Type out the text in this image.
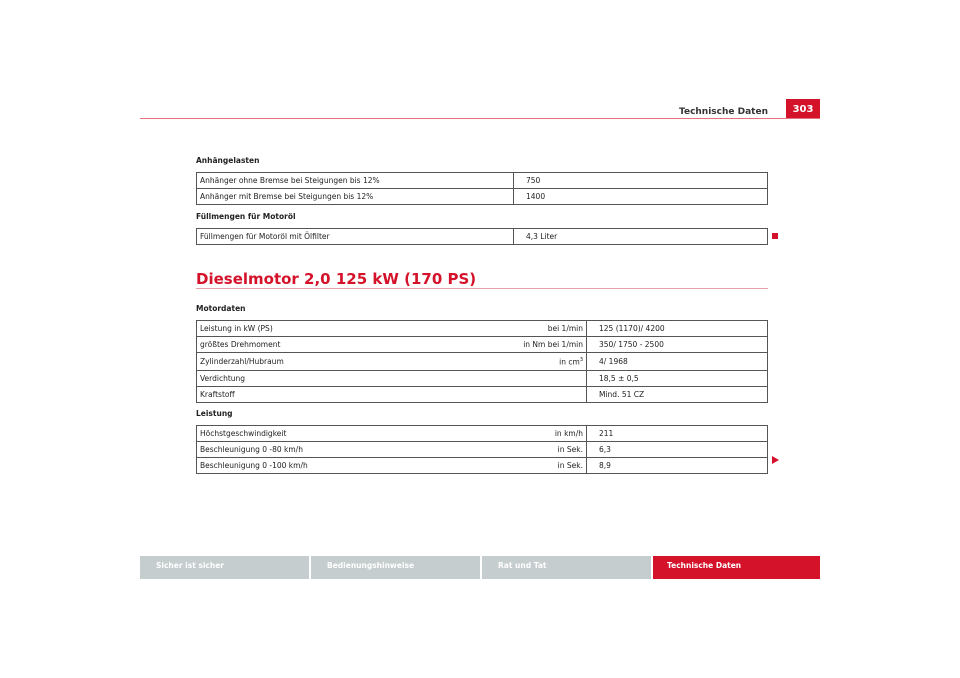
Technische Daten	303
Anhängelasten
Anhänger ohne Bremse bei Steigungen bis 12%	750
Anhänger mit Bremse bei Steigungen bis 12%	1400
Füllmengen für Motoröl
Füllmengen für Motoröl mit Ölfilter	4,3 Liter
Dieselmotor 2,0 125 kW (170 PS)
Motordaten
Leistung in kW (PS)	bei 1/min	125 (1170)/ 4200
größtes Drehmoment	in Nm bei 1/min	350/ 1750 - 2500
Zylinderzahl/Hubraum	in $cm^3$	4/ 1968
Verdichtung		18,5 ± 0,5
Kraftstoff		Mind. 51 CZ
Leistung
Höchstgeschwindigkeit	in km/h	211
Beschleunigung 0 -80 km/h	in Sek.	6,3
Beschleunigung 0 -100 km/h	in Sek.	8,9
Sicher ist sicher	Bedienungshinweise	Rat und Tat	Technische Daten
